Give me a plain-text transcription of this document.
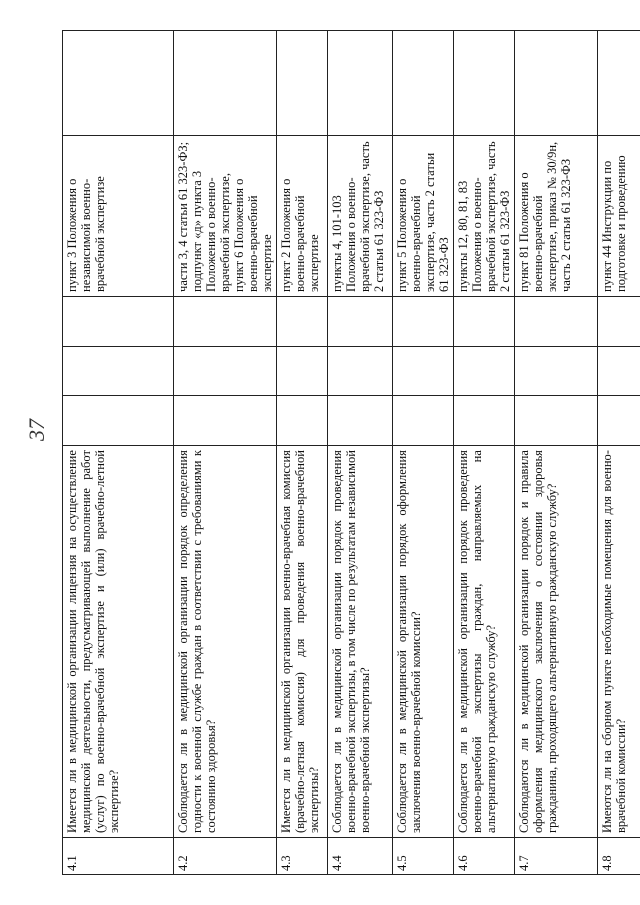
37
4.1	Имеется ли в медицинской организации лицензия на осуществление медицинской деятельности, предусматривающей выполнение работ (услуг) по военно-врачебной экспертизе и (или) врачебно-летной экспертизе?				пункт 3 Положения о независимой военно-врачебной экспертизе	
4.2	Соблюдается ли в медицинской организации порядок определения годности к военной службе граждан в соответствии с требованиями к состоянию здоровья?				части 3, 4 статьи 61 323-ФЗ; подпункт «д» пункта 3 Положения о военно-врачебной экспертизе, пункт 6 Положения о военно-врачебной экспертизе	
4.3	Имеется ли в медицинской организации военно-врачебная комиссия (врачебно-летная комиссия) для проведения военно-врачебной экспертизы?				пункт 2 Положения о военно-врачебной экспертизе	
4.4	Соблюдается ли в медицинской организации порядок проведения военно-врачебной экспертизы, в том числе по результатам независимой военно-врачебной экспертизы?				пункты 4, 101-103 Положения о военно-врачебной экспертизе, часть 2 статьи 61 323-ФЗ	
4.5	Соблюдается ли в медицинской организации порядок оформления заключения военно-врачебной комиссии?				пункт 5 Положения о военно-врачебной экспертизе, часть 2 статьи 61 323-ФЗ	
4.6	Соблюдается ли в медицинской организации порядок проведения военно-врачебной экспертизы граждан, направляемых на альтернативную гражданскую службу?				пункты 12, 80, 81, 83 Положения о военно-врачебной экспертизе, часть 2 статьи 61 323-ФЗ	
4.7	Соблюдаются ли в медицинской организации порядок и правила оформления медицинского заключения о состоянии здоровья гражданина, проходящего альтернативную гражданскую службу?				пункт 81 Положения о военно-врачебной экспертизе, приказ № 30/9н, часть 2 статьи 61 323-ФЗ	
4.8	Имеются ли на сборном пункте необходимые помещения для военно-врачебной комиссии?				пункт 44 Инструкции по подготовке и проведению	
